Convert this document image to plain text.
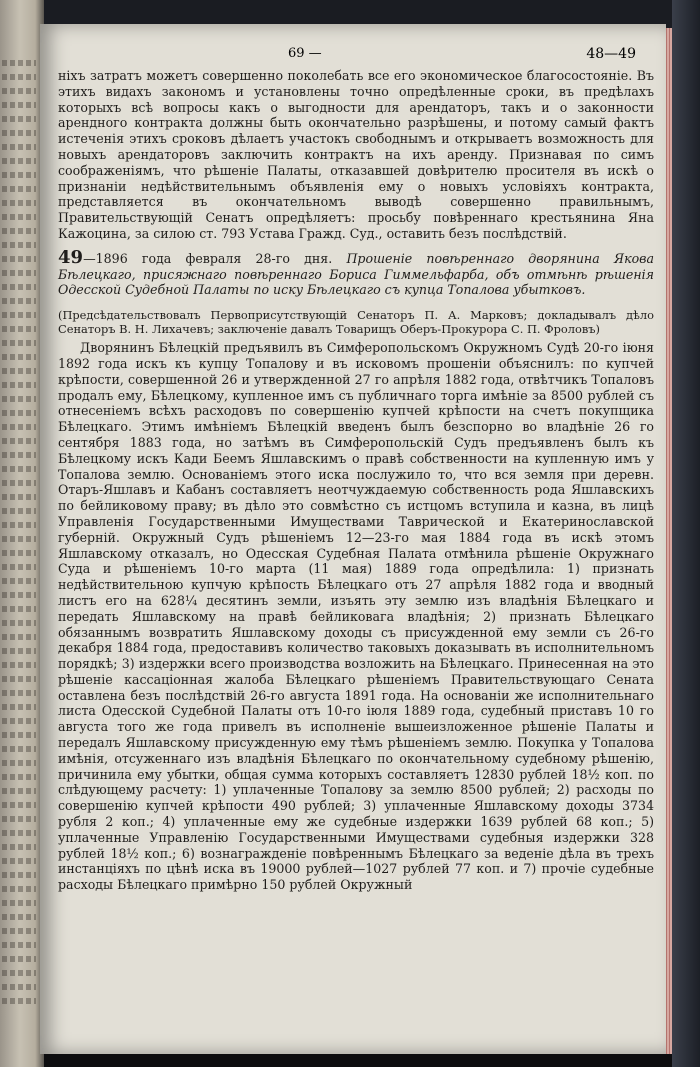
69 —	48—49

ніхъ затратъ можетъ совершенно поколебать все его экономическое благосостояніе. Въ этихъ видахъ закономъ и установлены точно опредѣленные сроки, въ предѣлахъ которыхъ всѣ вопросы какъ о выгодности для арендаторъ, такъ и о законности арендного контракта должны быть окончательно разрѣшены, и потому самый фактъ истеченія этихъ сроковъ дѣлаетъ участокъ свободнымъ и открываетъ возможность для новыхъ арендаторовъ заключить контрактъ на ихъ аренду. Признавая по симъ соображеніямъ, что рѣшеніе Палаты, отказавшей довѣрителю просителя въ искѣ о признаніи недѣйствительнымъ объявленія ему о новыхъ условіяхъ контракта, представляется въ окончательномъ выводѣ совершенно правильнымъ, Правительствующій Сенатъ опредѣляетъ: просьбу повѣреннаго крестьянина Яна Кажоцина, за силою ст. 793 Устава Гражд. Суд., оставить безъ послѣдствій.

49—1896 года февраля 28-го дня. Прошеніе повѣреннаго дворянина Якова Бѣлецкаго, присяжнаго повѣреннаго Бориса Гиммельфарба, объ отмѣнѣ рѣшенія Одесской Судебной Палаты по иску Бѣлецкаго съ купца Топалова убытковъ.

(Предсѣдательствовалъ Первоприсутствующій Сенаторъ П. А. Марковъ; докладывалъ дѣло Сенаторъ В. Н. Лихачевъ; заключеніе давалъ Товарищъ Оберъ-Прокурора С. П. Фроловъ)

Дворянинъ Бѣлецкій предъявилъ въ Симферопольскомъ Окружномъ Судѣ 20-го іюня 1892 года искъ къ купцу Топалову и въ исковомъ прошеніи объяснилъ: по купчей крѣпости, совершенной 26 и утвержденной 27 го апрѣля 1882 года, отвѣтчикъ Топаловъ продалъ ему, Бѣлецкому, купленное имъ съ публичнаго торга имѣніе за 8500 рублей съ отнесеніемъ всѣхъ расходовъ по совершенію купчей крѣпости на счетъ покупщика Бѣлецкаго. Этимъ имѣніемъ Бѣлецкій введенъ былъ безспорно во владѣніе 26 го сентября 1883 года, но затѣмъ въ Симферопольскій Судъ предъявленъ былъ къ Бѣлецкому искъ Кади Беемъ Яшлавскимъ о правѣ собственности на купленную имъ у Топалова землю. Основаніемъ этого иска послужило то, что вся земля при деревн. Отаръ-Яшлавъ и Кабанъ составляетъ неотчуждаемую собственность рода Яшлавскихъ по бейликовому праву; въ дѣло это совмѣстно съ истцомъ вступила и казна, въ лицѣ Управленія Государственными Имуществами Таврической и Екатеринославской губерній. Окружный Судъ рѣшеніемъ 12—23-го мая 1884 года въ искѣ этомъ Яшлавскому отказалъ, но Одесская Судебная Палата отмѣнила рѣшеніе Окружнаго Суда и рѣшеніемъ 10-го марта (11 мая) 1889 года опредѣлила: 1) признать недѣйствительною купчую крѣпость Бѣлецкаго отъ 27 апрѣля 1882 года и вводный листъ его на 628¼ десятинъ земли, изъять эту землю изъ владѣнія Бѣлецкаго и передать Яшлавскому на правѣ бейликовага владѣнія; 2) признать Бѣлецкаго обязаннымъ возвратить Яшлавскому доходы съ присужденной ему земли съ 26-го декабря 1884 года, предоставивъ количество таковыхъ доказывать въ исполнительномъ порядкѣ; 3) издержки всего производства возложить на Бѣлецкаго. Принесенная на это рѣшеніе кассаціонная жалоба Бѣлецкаго рѣшеніемъ Правительствующаго Сената оставлена безъ послѣдствій 26-го августа 1891 года. На основаніи же исполнительнаго листа Одесской Судебной Палаты отъ 10-го іюля 1889 года, судебный приставъ 10 го августа того же года привелъ въ исполненіе вышеизложенное рѣшеніе Палаты и передалъ Яшлавскому присужденную ему тѣмъ рѣшеніемъ землю. Покупка у Топалова имѣнія, отсуженнаго изъ владѣнія Бѣлецкаго по окончательному судебному рѣшенію, причинила ему убытки, общая сумма которыхъ составляетъ 12830 рублей 18½ коп. по слѣдующему расчету: 1) уплаченные Топалову за землю 8500 рублей; 2) расходы по совершенію купчей крѣпости 490 рублей; 3) уплаченные Яшлавскому доходы 3734 рубля 2 коп.; 4) уплаченные ему же судебные издержки 1639 рублей 68 коп.; 5) уплаченные Управленію Государственными Имуществами судебныя издержки 328 рублей 18½ коп.; 6) вознагражденіе повѣреннымъ Бѣлецкаго за веденіе дѣла въ трехъ инстанціяхъ по цѣнѣ иска въ 19000 рублей—1027 рублей 77 коп. и 7) прочіе судебные расходы Бѣлецкаго примѣрно 150 рублей Окружный
